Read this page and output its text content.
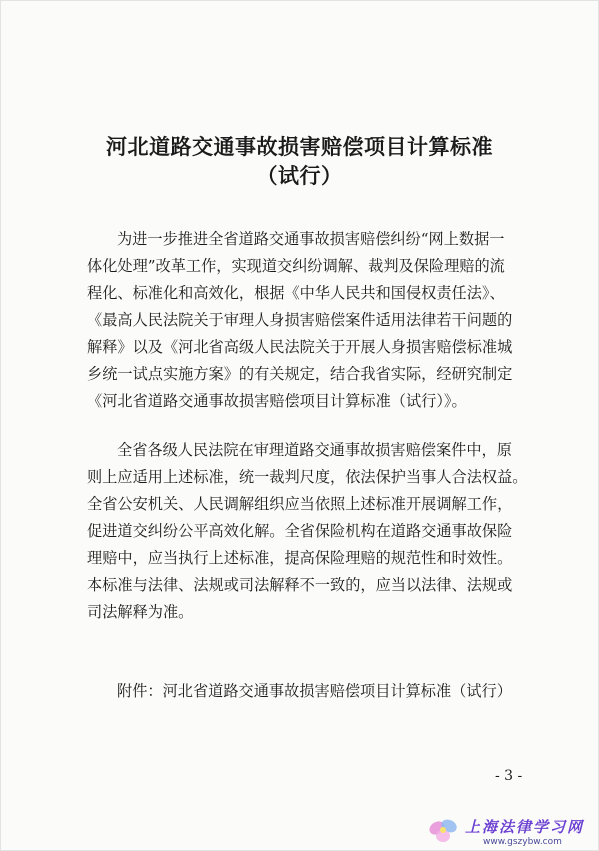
河北道路交通事故损害赔偿项目计算标准
（试行）
为进一步推进全省道路交通事故损害赔偿纠纷“网上数据一
体化处理”改革工作，实现道交纠纷调解、裁判及保险理赔的流
程化、标准化和高效化，根据《中华人民共和国侵权责任法》、
《最高人民法院关于审理人身损害赔偿案件适用法律若干问题的
解释》以及《河北省高级人民法院关于开展人身损害赔偿标准城
乡统一试点实施方案》的有关规定，结合我省实际，经研究制定
《河北省道路交通事故损害赔偿项目计算标准（试行）》。
全省各级人民法院在审理道路交通事故损害赔偿案件中，原
则上应适用上述标准，统一裁判尺度，依法保护当事人合法权益。
全省公安机关、人民调解组织应当依照上述标准开展调解工作，
促进道交纠纷公平高效化解。全省保险机构在道路交通事故保险
理赔中，应当执行上述标准，提高保险理赔的规范性和时效性。
本标准与法律、法规或司法解释不一致的，应当以法律、法规或
司法解释为准。

附件：河北省道路交通事故损害赔偿项目计算标准（试行）

- 3 -
上海法律学习网
www.gszybw.com
